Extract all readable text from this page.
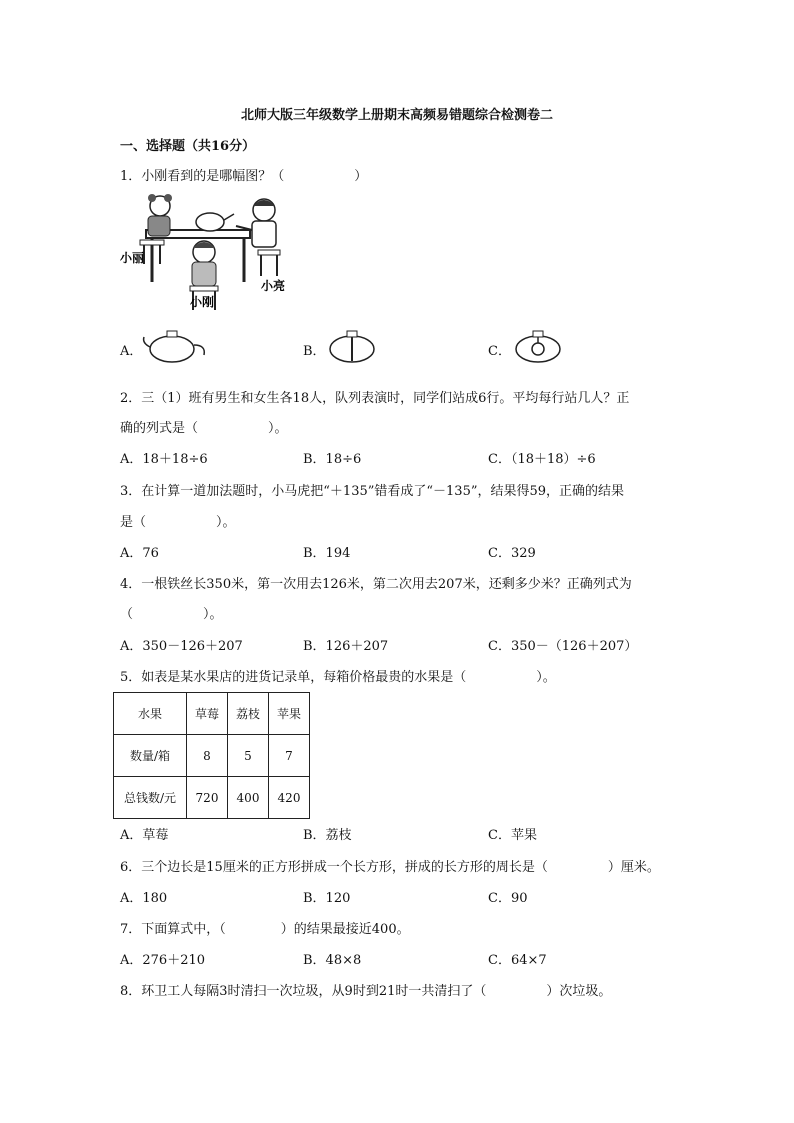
北师大版三年级数学上册期末高频易错题综合检测卷二
一、选择题（共16分）
1．小刚看到的是哪幅图？（	）
小丽
小刚
小亮
A．	B．	C．
2．三（1）班有男生和女生各18人，队列表演时，同学们站成6行。平均每行站几人？正
确的列式是（	）。
A．18＋18÷6	B．18÷6	C．（18＋18）÷6
3．在计算一道加法题时，小马虎把“＋135”错看成了“－135”，结果得59，正确的结果
是（	）。
A．76	B．194	C．329
4．一根铁丝长350米，第一次用去126米，第二次用去207米，还剩多少米？正确列式为
（	）。
A．350－126＋207	B．126＋207	C．350－（126＋207）
5．如表是某水果店的进货记录单，每箱价格最贵的水果是（	）。
水果	草莓	荔枝	苹果
数量/箱	8	5	7
总钱数/元	720	400	420
A．草莓	B．荔枝	C．苹果
6．三个边长是15厘米的正方形拼成一个长方形，拼成的长方形的周长是（	）厘米。
A．180	B．120	C．90
7．下面算式中，（	）的结果最接近400。
A．276＋210	B．48×8	C．64×7
8．环卫工人每隔3时清扫一次垃圾，从9时到21时一共清扫了（	）次垃圾。
